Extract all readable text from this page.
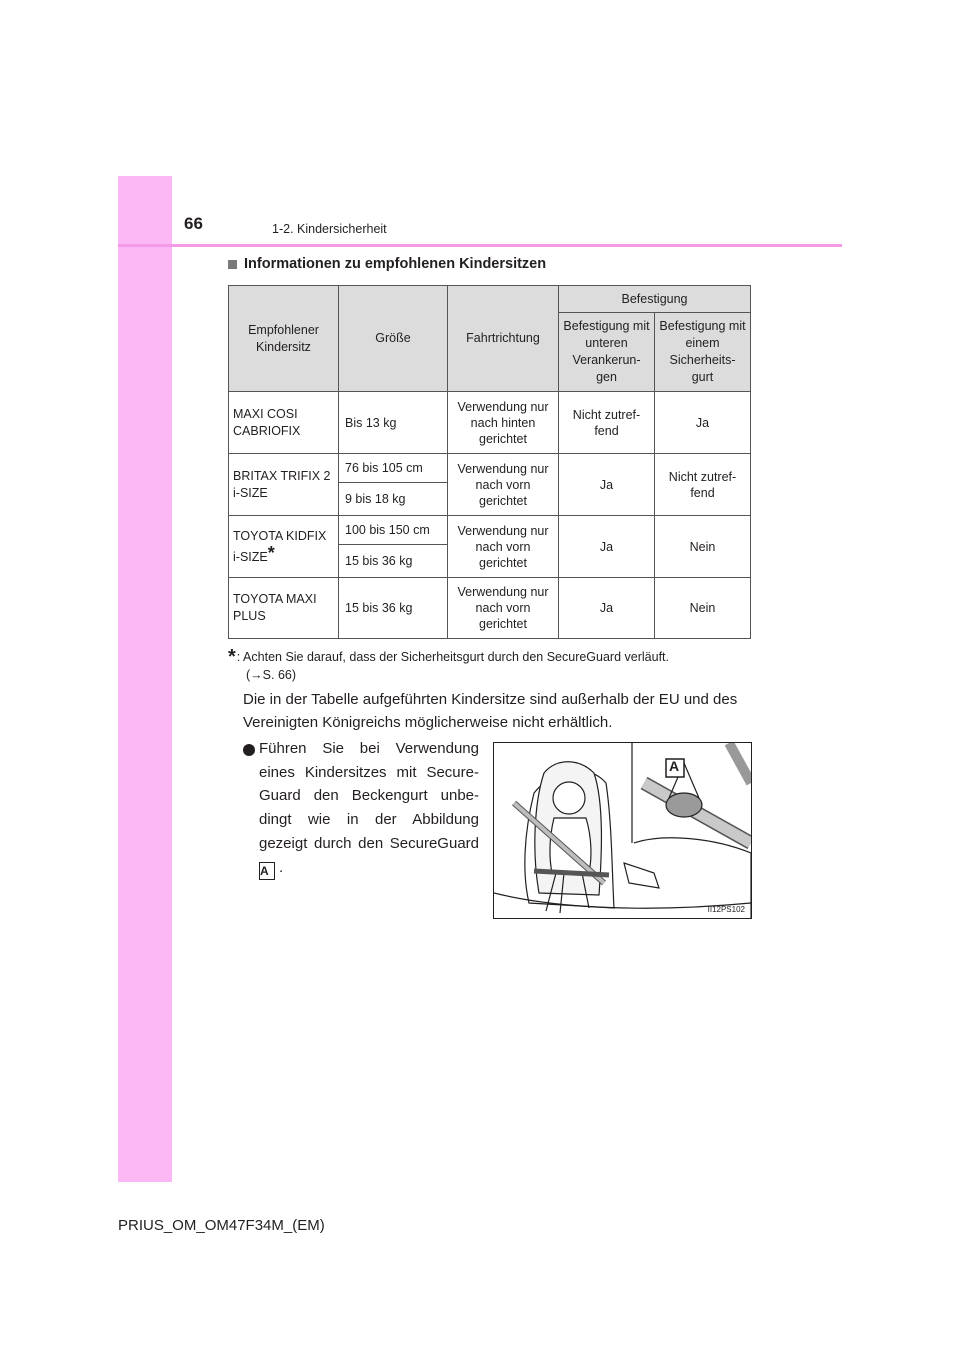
66	1-2. Kindersicherheit
Informationen zu empfohlenen Kindersitzen
Empfohlener Kindersitz	Größe	Fahrtrichtung	Befestigung	
			Befestigung mit unteren Verankerun-gen	Befestigung mit einem Sicherheits-gurt
MAXI COSI CABRIOFIX	Bis 13 kg	Verwendung nur nach hinten gerichtet	Nicht zutref-fend	Ja
BRITAX TRIFIX 2 i-SIZE	76 bis 105 cm	Verwendung nur nach vorn gerichtet	Ja	Nicht zutref-fend
	9 bis 18 kg			
TOYOTA KIDFIX i-SIZE*	100 bis 150 cm	Verwendung nur nach vorn gerichtet	Ja	Nein
	15 bis 36 kg			
TOYOTA MAXI PLUS	15 bis 36 kg	Verwendung nur nach vorn gerichtet	Ja	Nein
*: Achten Sie darauf, dass der Sicherheitsgurt durch den SecureGuard verläuft.
(→S. 66)
Die in der Tabelle aufgeführten Kindersitze sind außerhalb der EU und des Vereinigten Königreichs möglicherweise nicht erhältlich.
Führen Sie bei Verwendung eines Kindersitzes mit Secure-Guard den Beckengurt unbe-dingt wie in der Abbildung gezeigt durch den SecureGuard A .
A
II12PS102
PRIUS_OM_OM47F34M_(EM)
